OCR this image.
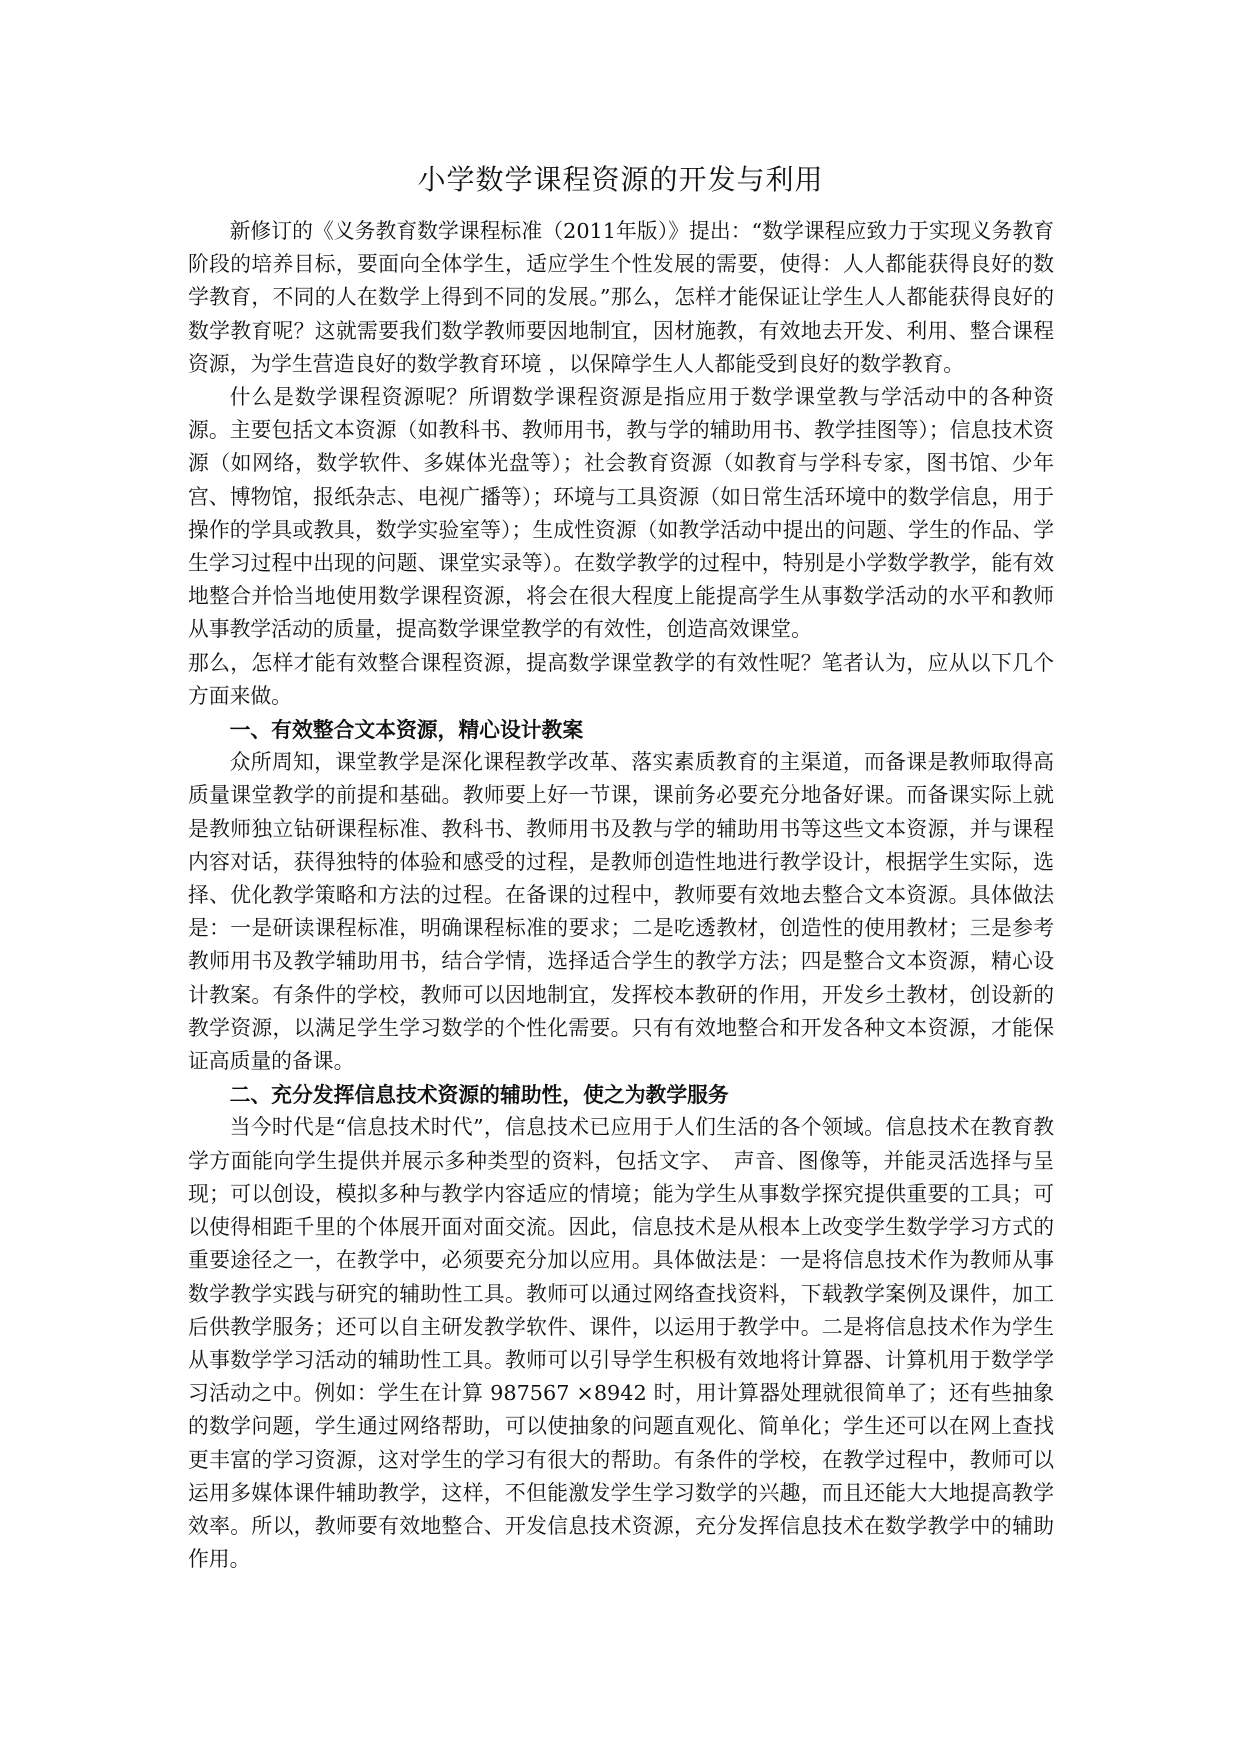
小学数学课程资源的开发与利用

新修订的《义务教育数学课程标准（2011年版）》提出：“数学课程应致力于实现义务教育阶段的培养目标，要面向全体学生，适应学生个性发展的需要，使得：人人都能获得良好的数学教育，不同的人在数学上得到不同的发展。”那么，怎样才能保证让学生人人都能获得良好的数学教育呢？这就需要我们数学教师要因地制宜，因材施教，有效地去开发、利用、整合课程资源，为学生营造良好的数学教育环境 ，以保障学生人人都能受到良好的数学教育。

什么是数学课程资源呢？所谓数学课程资源是指应用于数学课堂教与学活动中的各种资源。主要包括文本资源（如教科书、教师用书，教与学的辅助用书、教学挂图等）；信息技术资源（如网络，数学软件、多媒体光盘等）；社会教育资源（如教育与学科专家，图书馆、少年宫、博物馆，报纸杂志、电视广播等）；环境与工具资源（如日常生活环境中的数学信息，用于操作的学具或教具，数学实验室等）；生成性资源（如教学活动中提出的问题、学生的作品、学生学习过程中出现的问题、课堂实录等）。在数学教学的过程中，特别是小学数学教学，能有效地整合并恰当地使用数学课程资源，将会在很大程度上能提高学生从事数学活动的水平和教师从事教学活动的质量，提高数学课堂教学的有效性，创造高效课堂。

那么，怎样才能有效整合课程资源，提高数学课堂教学的有效性呢？笔者认为，应从以下几个方面来做。

一、有效整合文本资源，精心设计教案

众所周知，课堂教学是深化课程教学改革、落实素质教育的主渠道，而备课是教师取得高质量课堂教学的前提和基础。教师要上好一节课，课前务必要充分地备好课。而备课实际上就是教师独立钻研课程标准、教科书、教师用书及教与学的辅助用书等这些文本资源，并与课程内容对话，获得独特的体验和感受的过程，是教师创造性地进行教学设计，根据学生实际，选择、优化教学策略和方法的过程。在备课的过程中，教师要有效地去整合文本资源。具体做法是：一是研读课程标准，明确课程标准的要求；二是吃透教材，创造性的使用教材；三是参考教师用书及教学辅助用书，结合学情，选择适合学生的教学方法；四是整合文本资源，精心设计教案。有条件的学校，教师可以因地制宜，发挥校本教研的作用，开发乡土教材，创设新的教学资源，以满足学生学习数学的个性化需要。只有有效地整合和开发各种文本资源，才能保证高质量的备课。

二、充分发挥信息技术资源的辅助性，使之为教学服务

当今时代是“信息技术时代”，信息技术已应用于人们生活的各个领域。信息技术在教育教学方面能向学生提供并展示多种类型的资料，包括文字、　声音、图像等，并能灵活选择与呈现；可以创设，模拟多种与教学内容适应的情境；能为学生从事数学探究提供重要的工具；可以使得相距千里的个体展开面对面交流。因此，信息技术是从根本上改变学生数学学习方式的重要途径之一，在教学中，必须要充分加以应用。具体做法是：一是将信息技术作为教师从事数学教学实践与研究的辅助性工具。教师可以通过网络查找资料，下载教学案例及课件，加工后供教学服务；还可以自主研发教学软件、课件，以运用于教学中。二是将信息技术作为学生从事数学学习活动的辅助性工具。教师可以引导学生积极有效地将计算器、计算机用于数学学习活动之中。例如：学生在计算 987567 ×8942 时，用计算器处理就很简单了；还有些抽象的数学问题，学生通过网络帮助，可以使抽象的问题直观化、简单化；学生还可以在网上查找更丰富的学习资源，这对学生的学习有很大的帮助。有条件的学校，在教学过程中，教师可以运用多媒体课件辅助教学，这样，不但能激发学生学习数学的兴趣，而且还能大大地提高教学效率。所以，教师要有效地整合、开发信息技术资源，充分发挥信息技术在数学教学中的辅助作用。
